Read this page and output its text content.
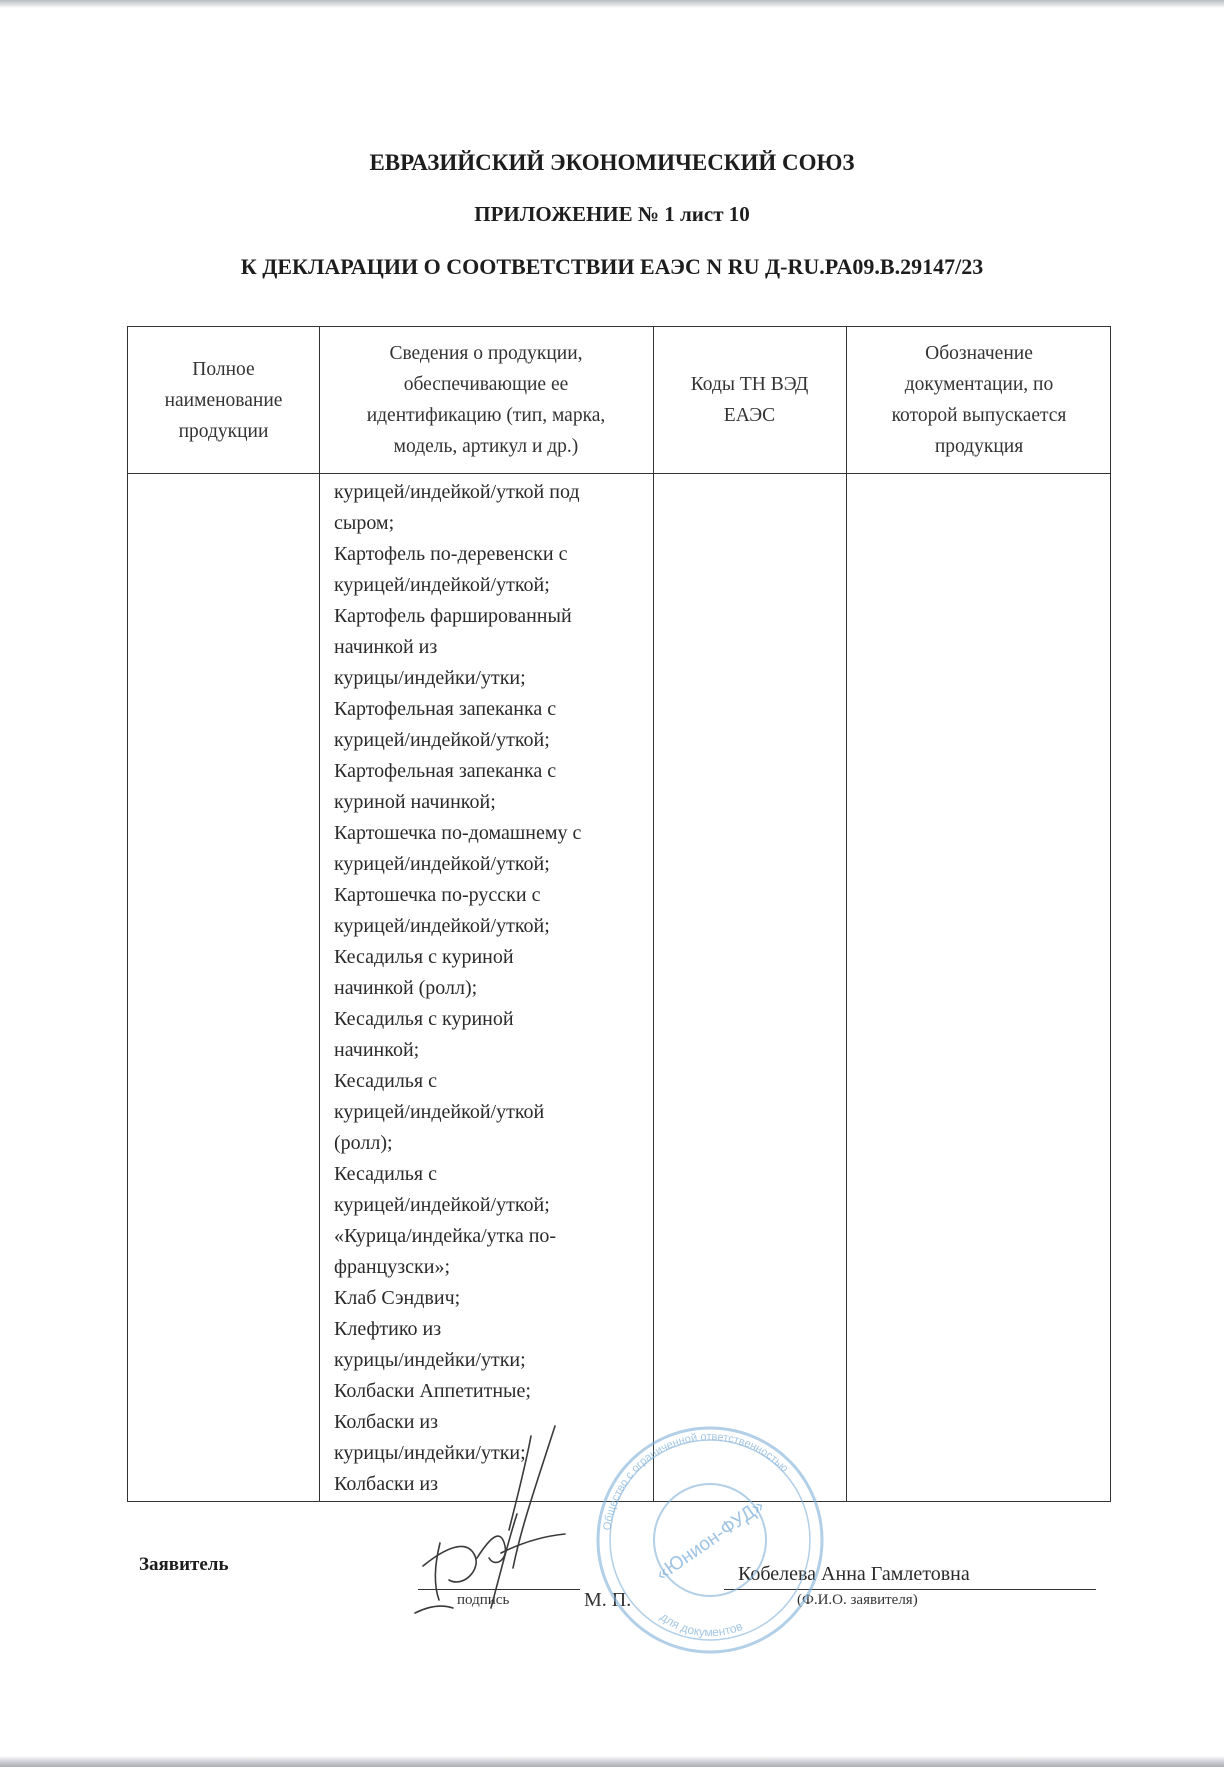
ЕВРАЗИЙСКИЙ ЭКОНОМИЧЕСКИЙ СОЮЗ
ПРИЛОЖЕНИЕ № 1 лист 10
К ДЕКЛАРАЦИИ О СООТВЕТСТВИИ ЕАЭС N RU Д-RU.PA09.B.29147/23
Полное
наименование
продукции
Сведения о продукции,
обеспечивающие ее
идентификацию (тип, марка,
модель, артикул и др.)
Коды ТН ВЭД
ЕАЭС
Обозначение
документации, по
которой выпускается
продукция
курицей/индейкой/уткой под
сыром;
Картофель по-деревенски с
курицей/индейкой/уткой;
Картофель фаршированный
начинкой из
курицы/индейки/утки;
Картофельная запеканка с
курицей/индейкой/уткой;
Картофельная запеканка с
куриной начинкой;
Картошечка по-домашнему с
курицей/индейкой/уткой;
Картошечка по-русски с
курицей/индейкой/уткой;
Кесадилья с куриной
начинкой (ролл);
Кесадилья с куриной
начинкой;
Кесадилья с
курицей/индейкой/уткой
(ролл);
Кесадилья с
курицей/индейкой/уткой;
«Курица/индейка/утка по-
французски»;
Клаб Сэндвич;
Клефтико из
курицы/индейки/утки;
Колбаски Аппетитные;
Колбаски из
курицы/индейки/утки;
Колбаски из
Заявитель
подпись	М. П.
Кобелева Анна Гамлетовна
(Ф.И.О. заявителя)
Общество с ограниченной ответственностью
«Юнион-ФУД»
для документов
